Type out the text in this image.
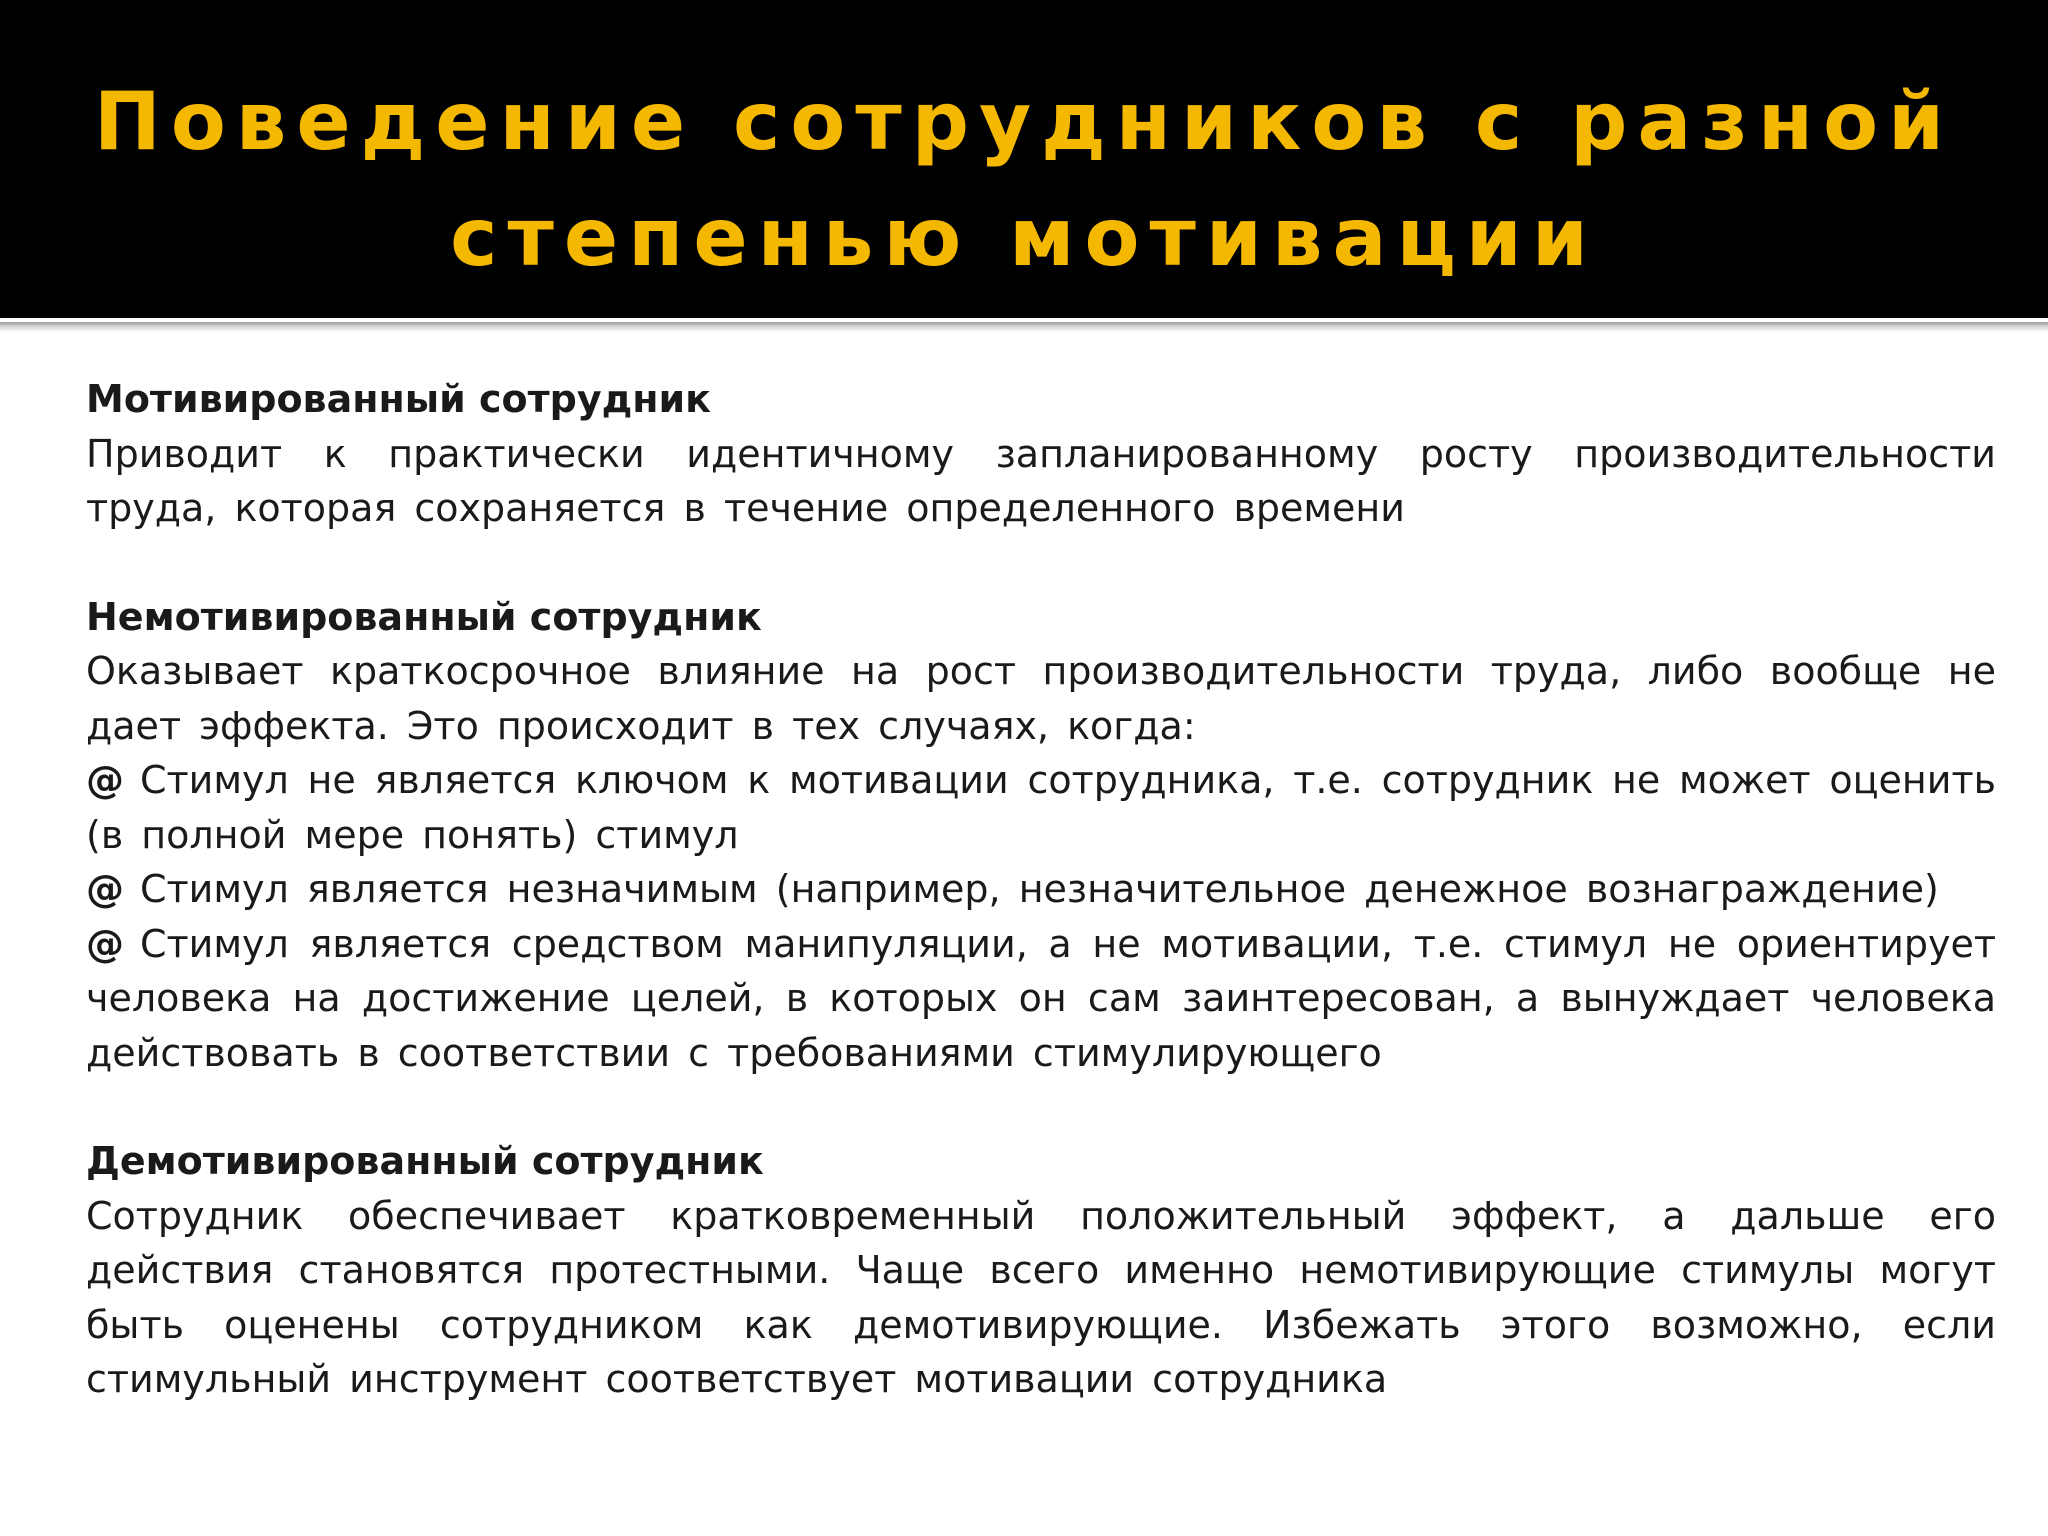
Поведение сотрудников с разной степенью мотивации
Мотивированный сотрудник
Приводит к практически идентичному запланированному росту производительности труда, которая сохраняется в течение определенного времени
Немотивированный сотрудник
Оказывает краткосрочное влияние на рост производительности труда, либо вообще не дает эффекта. Это происходит в тех случаях, когда:
@ Стимул не является ключом к мотивации сотрудника, т.е. сотрудник не может оценить (в полной мере понять) стимул
@ Стимул является незначимым (например, незначительное денежное вознаграждение)
@ Стимул является средством манипуляции, а не мотивации, т.е. стимул не ориентирует человека на достижение целей, в которых он сам заинтересован, а вынуждает человека действовать в соответствии с требованиями стимулирующего
Демотивированный сотрудник
Сотрудник обеспечивает кратковременный положительный эффект, а дальше его действия становятся протестными. Чаще всего именно немотивирующие стимулы могут быть оценены сотрудником как демотивирующие. Избежать этого возможно, если стимульный инструмент соответствует мотивации сотрудника
